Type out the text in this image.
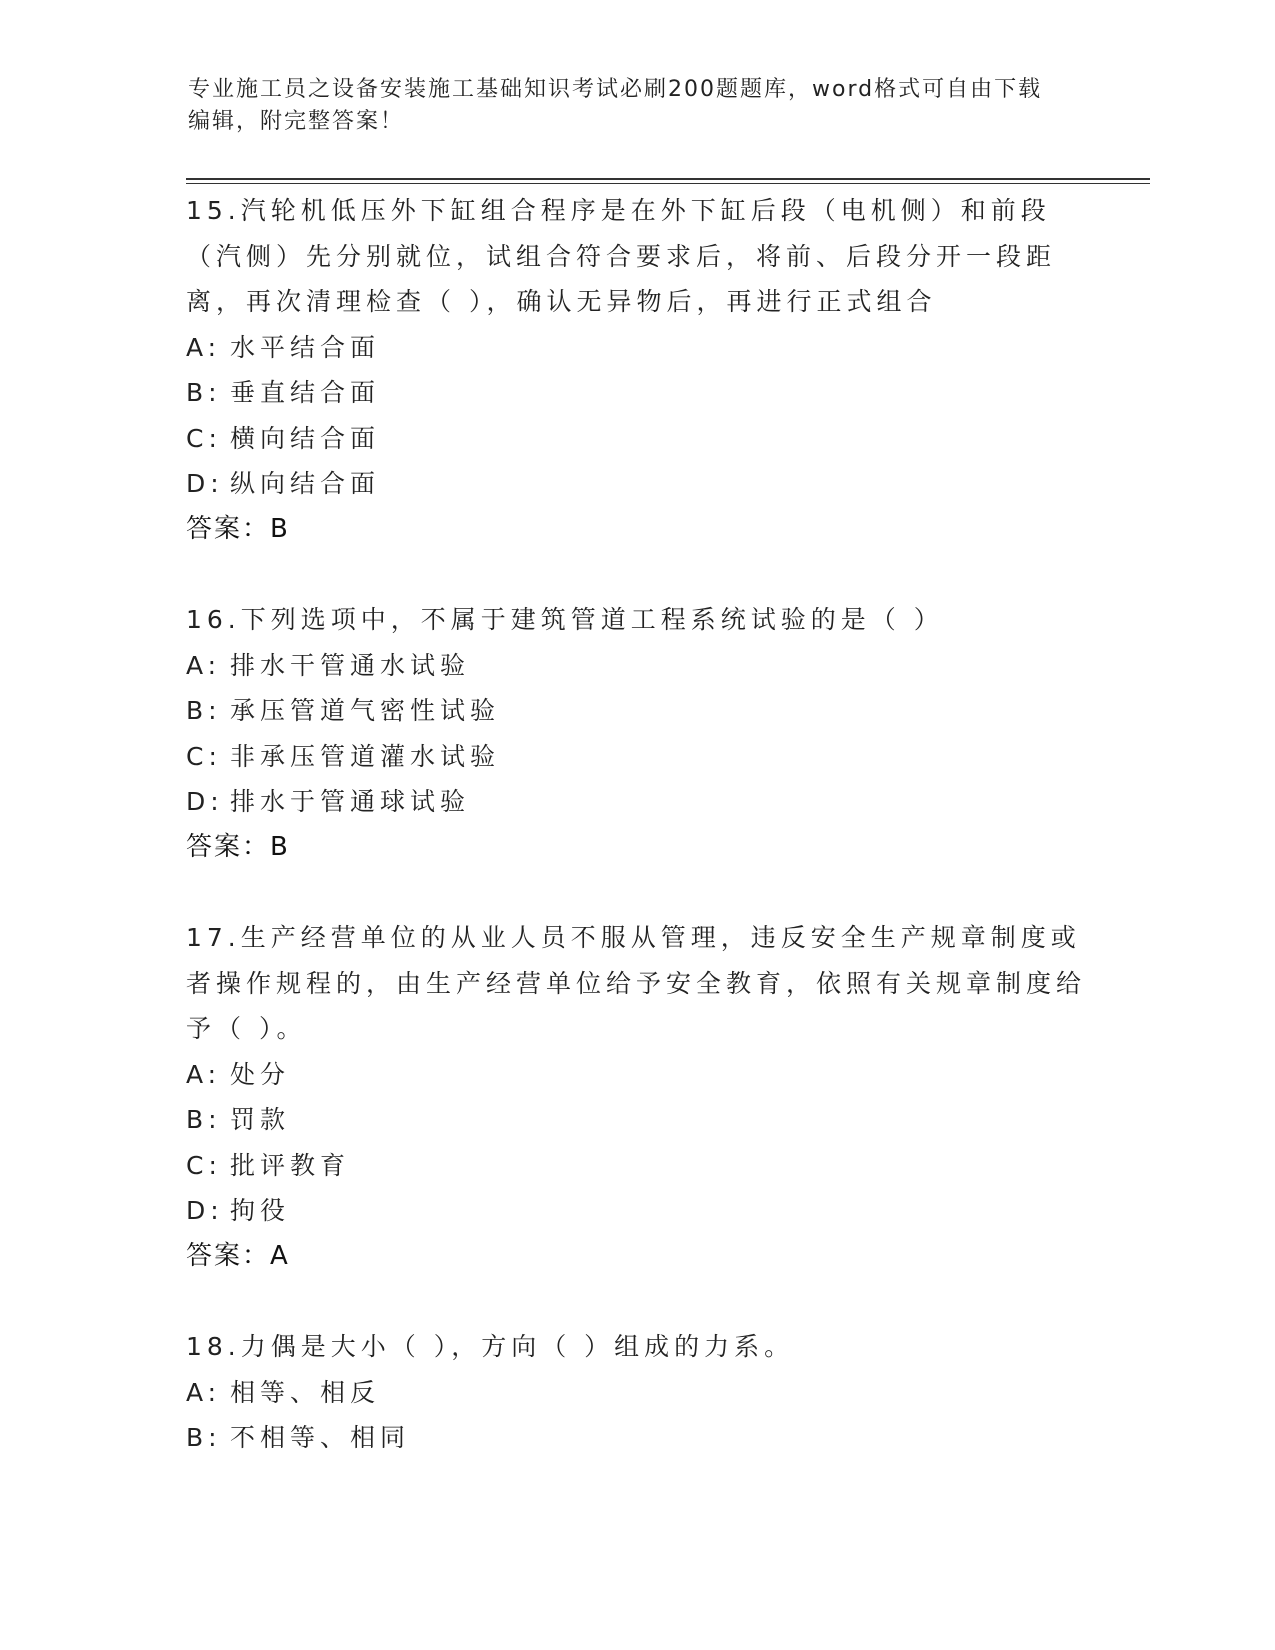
专业施工员之设备安装施工基础知识考试必刷200题题库，word格式可自由下载
编辑，附完整答案！

15.汽轮机低压外下缸组合程序是在外下缸后段（电机侧）和前段（汽侧）先分别就位，试组合符合要求后，将前、后段分开一段距离，再次清理检查（ ），确认无异物后，再进行正式组合

A: 水平结合面
B: 垂直结合面
C: 横向结合面
D: 纵向结合面

答案：B

16.下列选项中，不属于建筑管道工程系统试验的是（ ）

A: 排水干管通水试验
B: 承压管道气密性试验
C: 非承压管道灌水试验
D: 排水于管通球试验

答案：B

17.生产经营单位的从业人员不服从管理，违反安全生产规章制度或者操作规程的，由生产经营单位给予安全教育，依照有关规章制度给予（ ）。

A: 处分
B: 罚款
C: 批评教育
D: 拘役

答案：A

18.力偶是大小（ ），方向（ ）组成的力系。

A: 相等、相反
B: 不相等、相同
